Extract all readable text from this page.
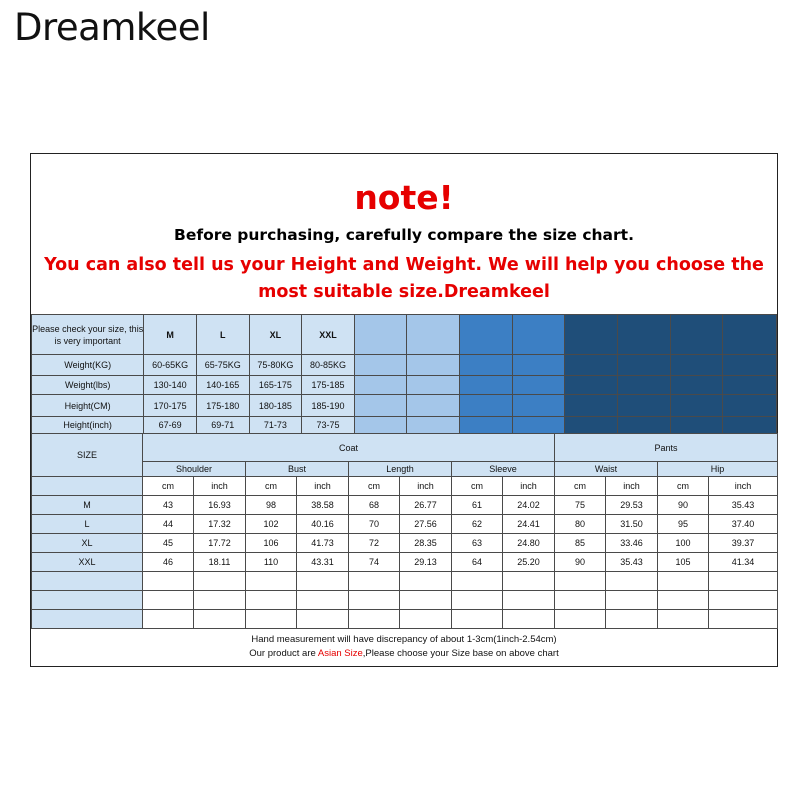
Dreamkeel
note!
Before purchasing, carefully compare the size chart.
You can also tell us your Height and Weight. We will help you choose the most suitable size.Dreamkeel
Please check your size, this is very important	M	L	XL	XXL								
Weight(KG)	60-65KG	65-75KG	75-80KG	80-85KG								
Weight(lbs)	130-140	140-165	165-175	175-185								
Height(CM)	170-175	175-180	180-185	185-190								
Height(inch)	67-69	69-71	71-73	73-75								
SIZE	Coat								Pants			
	Shoulder		Bust		Length		Sleeve		Waist		Hip	
	cm	inch	cm	inch	cm	inch	cm	inch	cm	inch	cm	inch
M	43	16.93	98	38.58	68	26.77	61	24.02	75	29.53	90	35.43
L	44	17.32	102	40.16	70	27.56	62	24.41	80	31.50	95	37.40
XL	45	17.72	106	41.73	72	28.35	63	24.80	85	33.46	100	39.37
XXL	46	18.11	110	43.31	74	29.13	64	25.20	90	35.43	105	41.34

Hand measurement will have discrepancy of about 1-3cm(1inch-2.54cm)
Our product are Asian Size,Please choose your Size base on above chart
